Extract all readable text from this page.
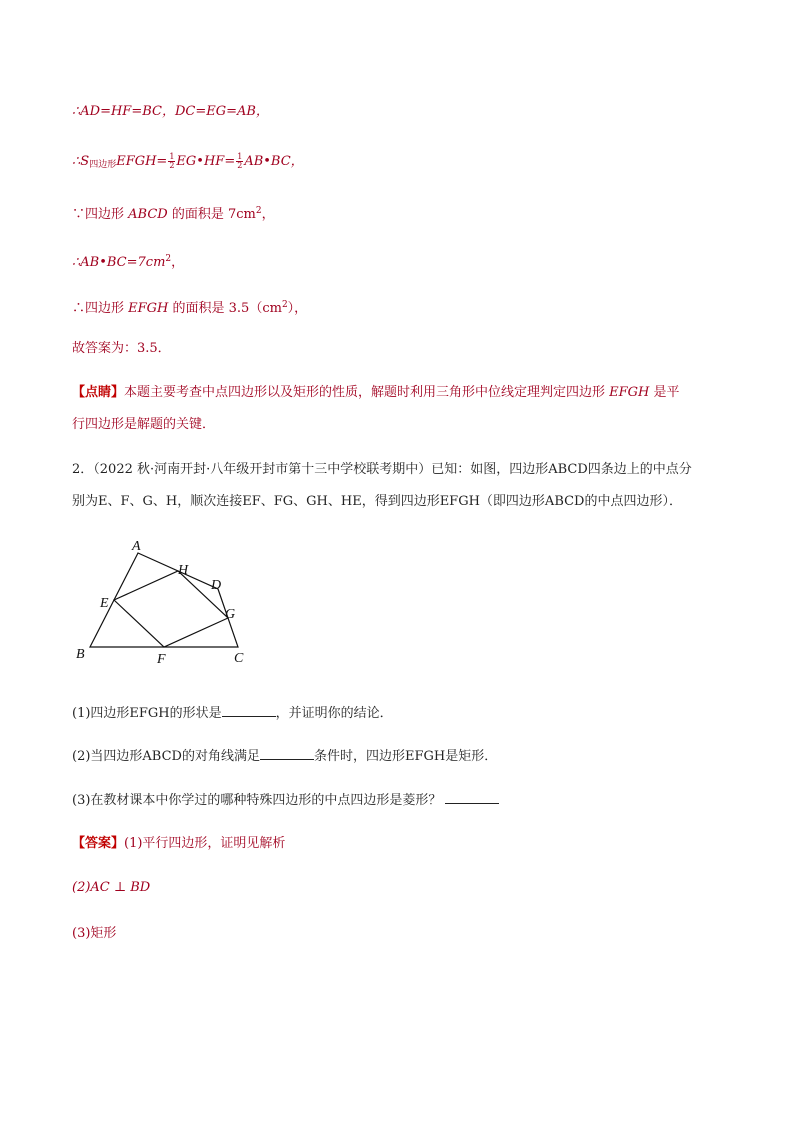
∴AD=HF=BC，DC=EG=AB，
$\therefore S_{四边形}EFGH= \frac{1}{2}$ EG•HF= $\frac{1}{2}$ AB•BC，
∵四边形 ABCD 的面积是 $7cm^2$，
$\therefore AB•BC=7cm^2$，
∴四边形 EFGH 的面积是 $3.5(cm^2)$，
故答案为：3.5．
【点睛】本题主要考查中点四边形以及矩形的性质，解题时利用三角形中位线定理判定四边形 EFGH 是平
行四边形是解题的关键．
2．（2022 秋·河南开封·八年级开封市第十三中学校联考期中）已知：如图，四边形ABCD四条边上的中点分
别为E、F、G、H，顺次连接EF、FG、GH、HE，得到四边形EFGH（即四边形ABCD的中点四边形）．
A
B	C
D
E
F
G
H
(1)四边形EFGH的形状是	，并证明你的结论．
(2)当四边形ABCD的对角线满足	条件时，四边形EFGH是矩形．
(3)在教材课本中你学过的哪种特殊四边形的中点四边形是菱形？
【答案】(1)平行四边形，证明见解析
(2)AC ⊥ BD
(3)矩形
